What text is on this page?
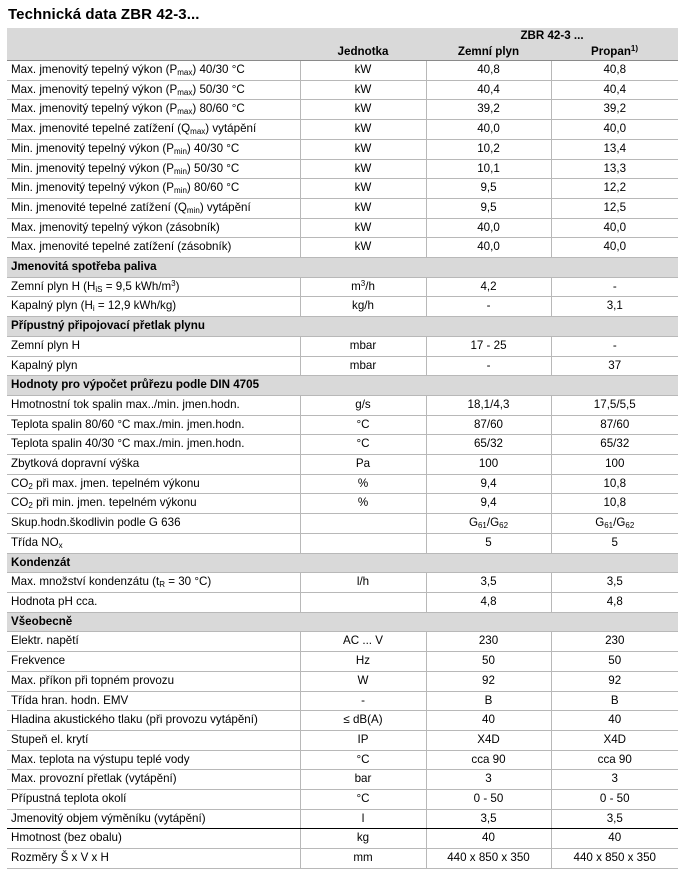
Technická data ZBR 42-3...
		ZBR 42-3 ...	
	Jednotka	Zemní plyn	Propan$^{1)}$
Max. jmenovitý tepelný výkon $(P_{max})$ 40/30 °C	kW	40,8	40,8
Max. jmenovitý tepelný výkon $(P_{max})$ 50/30 °C	kW	40,4	40,4
Max. jmenovitý tepelný výkon $(P_{max})$ 80/60 °C	kW	39,2	39,2
Max. jmenovité tepelné zatížení $(Q_{max})$ vytápění	kW	40,0	40,0
Min. jmenovitý tepelný výkon $(P_{min})$ 40/30 °C	kW	10,2	13,4
Min. jmenovitý tepelný výkon $(P_{min})$ 50/30 °C	kW	10,1	13,3
Min. jmenovitý tepelný výkon $(P_{min})$ 80/60 °C	kW	9,5	12,2
Min. jmenovité tepelné zatížení $(Q_{min})$ vytápění	kW	9,5	12,5
Max. jmenovitý tepelný výkon (zásobník)	kW	40,0	40,0
Max. jmenovité tepelné zatížení (zásobník)	kW	40,0	40,0
Jmenovitá spotřeba paliva			
Zemní plyn H ($H_{iS} = 9,5$ kWh/$m^3$)	$m^3/h$	4,2	-
Kapalný plyn ($H_i = 12,9$ kWh/kg)	kg/h	-	3,1
Přípustný připojovací přetlak plynu			
Zemní plyn H	mbar	17 - 25	-
Kapalný plyn	mbar	-	37
Hodnoty pro výpočet průřezu podle DIN 4705			
Hmotnostní tok spalin max../min. jmen.hodn.	g/s	18,1/4,3	17,5/5,5
Teplota spalin 80/60 °C max./min. jmen.hodn.	°C	87/60	87/60
Teplota spalin 40/30 °C max./min. jmen.hodn.	°C	65/32	65/32
Zbytková dopravní výška	Pa	100	100
$CO_2$ při max. jmen. tepelném výkonu	%	9,4	10,8
$CO_2$ při min. jmen. tepelném výkonu	%	9,4	10,8
Skup.hodn.škodlivin podle G 636		$G_{61}/G_{62}$	$G_{61}/G_{62}$
Třída $NO_x$		5	5
Kondenzát			
Max. množství kondenzátu ($t_R = 30$ °C)	l/h	3,5	3,5
Hodnota pH cca.		4,8	4,8
Všeobecně			
Elektr. napětí	AC ... V	230	230
Frekvence	Hz	50	50
Max. příkon při topném provozu	W	92	92
Třída hran. hodn. EMV	-	B	B
Hladina akustického tlaku (při provozu vytápění)	≤ dB(A)	40	40
Stupeň el. krytí	IP	X4D	X4D
Max. teplota na výstupu teplé vody	°C	cca 90	cca 90
Max. provozní přetlak (vytápění)	bar	3	3
Přípustná teplota okolí	°C	0 - 50	0 - 50
Jmenovitý objem výměníku (vytápění)	l	3,5	3,5
Hmotnost (bez obalu)	kg	40	40
Rozměry Š x V x H	mm	440 x 850 x 350	440 x 850 x 350
